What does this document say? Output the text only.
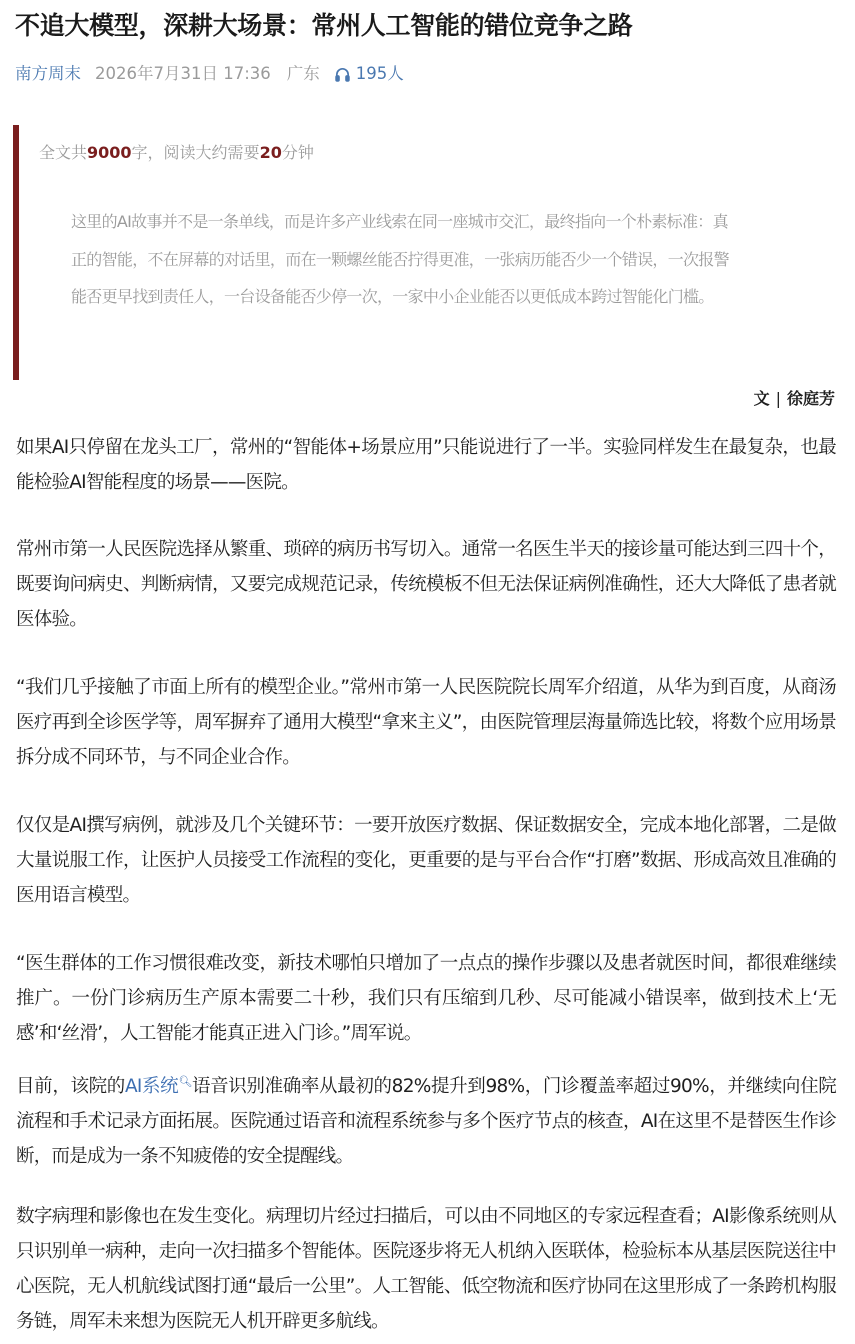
不追大模型，深耕大场景：常州人工智能的错位竞争之路
南方周末 2026年7月31日 17:36 广东 195人
全文共9000字，阅读大约需要20分钟
这里的AI故事并不是一条单线，而是许多产业线索在同一座城市交汇，最终指向一个朴素标准：真正的智能，不在屏幕的对话里，而在一颗螺丝能否拧得更准，一张病历能否少一个错误，一次报警能否更早找到责任人，一台设备能否少停一次，一家中小企业能否以更低成本跨过智能化门槛。
文 | 徐庭芳
如果AI只停留在龙头工厂，常州的“智能体+场景应用”只能说进行了一半。实验同样发生在最复杂，也最能检验AI智能程度的场景——医院。
常州市第一人民医院选择从繁重、琐碎的病历书写切入。通常一名医生半天的接诊量可能达到三四十个，既要询问病史、判断病情，又要完成规范记录，传统模板不但无法保证病例准确性，还大大降低了患者就医体验。
“我们几乎接触了市面上所有的模型企业。”常州市第一人民医院院长周军介绍道，从华为到百度，从商汤医疗再到全诊医学等，周军摒弃了通用大模型“拿来主义”，由医院管理层海量筛选比较，将数个应用场景拆分成不同环节，与不同企业合作。
仅仅是AI撰写病例，就涉及几个关键环节：一要开放医疗数据、保证数据安全，完成本地化部署，二是做大量说服工作，让医护人员接受工作流程的变化，更重要的是与平台合作“打磨”数据、形成高效且准确的医用语言模型。
“医生群体的工作习惯很难改变，新技术哪怕只增加了一点点的操作步骤以及患者就医时间，都很难继续推广。一份门诊病历生产原本需要二十秒，我们只有压缩到几秒、尽可能减小错误率，做到技术上‘无感’和‘丝滑’，人工智能才能真正进入门诊。”周军说。
目前，该院的AI系统🔍︎语音识别准确率从最初的82%提升到98%，门诊覆盖率超过90%，并继续向住院流程和手术记录方面拓展。医院通过语音和流程系统参与多个医疗节点的核查，AI在这里不是替医生作诊断，而是成为一条不知疲倦的安全提醒线。
数字病理和影像也在发生变化。病理切片经过扫描后，可以由不同地区的专家远程查看；AI影像系统则从只识别单一病种，走向一次扫描多个智能体。医院逐步将无人机纳入医联体，检验标本从基层医院送往中心医院，无人机航线试图打通“最后一公里”。人工智能、低空物流和医疗协同在这里形成了一条跨机构服务链，周军未来想为医院无人机开辟更多航线。
